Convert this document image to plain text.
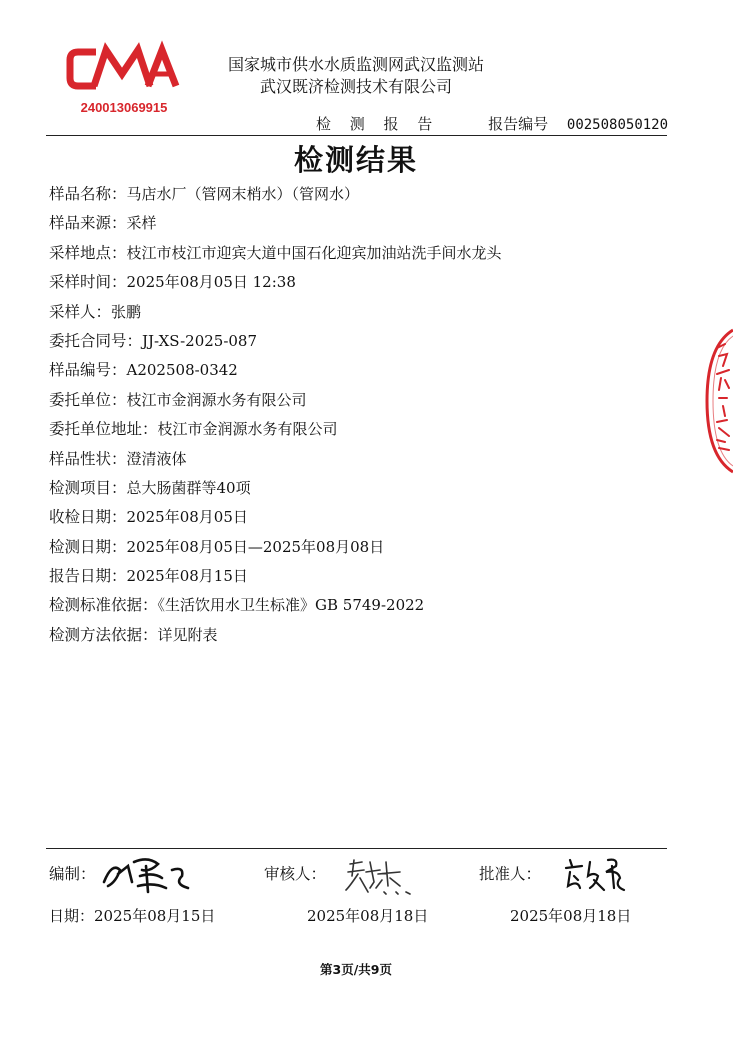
240013069915
国家城市供水水质监测网武汉监测站
武汉既济检测技术有限公司
检 测 报 告	报告编号 002508050120
检测结果
样品名称：马店水厂（管网末梢水）（管网水）
样品来源：采样
采样地点：枝江市枝江市迎宾大道中国石化迎宾加油站洗手间水龙头
采样时间：2025年08月05日 12:38
采样人：张鹏
委托合同号：JJ-XS-2025-087
样品编号：A202508-0342
委托单位：枝江市金润源水务有限公司
委托单位地址：枝江市金润源水务有限公司
样品性状：澄清液体
检测项目：总大肠菌群等40项
收检日期：2025年08月05日
检测日期：2025年08月05日—2025年08月08日
报告日期：2025年08月15日
检测标准依据：《生活饮用水卫生标准》GB 5749-2022
检测方法依据：详见附表
编制：	审核人：	批准人：
日期：2025年08月15日	2025年08月18日	2025年08月18日
第3页/共9页
